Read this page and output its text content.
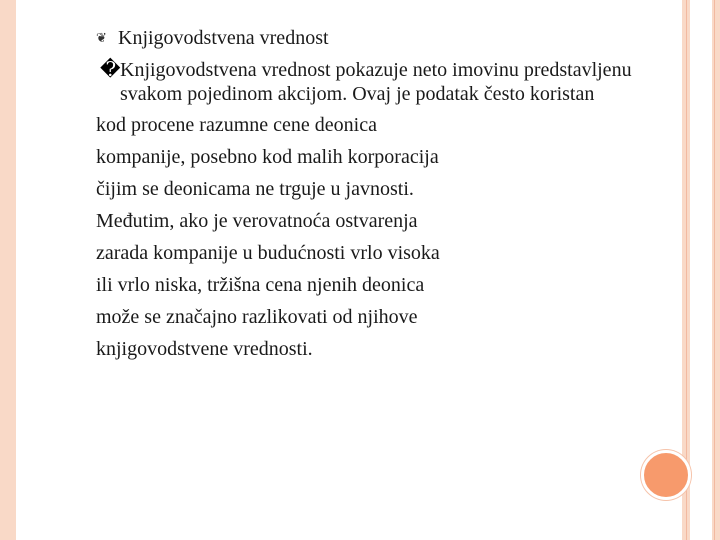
❦ Knjigovodstvena vrednost
� Knjigovodstvena vrednost pokazuje neto imovinu predstavljenu svakom pojedinom akcijom. Ovaj je podatak često koristan
kod procene razumne cene deonica
kompanije, posebno kod malih korporacija
čijim se deonicama ne trguje u javnosti.
Međutim, ako je verovatnoća ostvarenja
zarada kompanije u budućnosti vrlo visoka
ili vrlo niska, tržišna cena njenih deonica
može se značajno razlikovati od njihove
knjigovodstvene vrednosti.
